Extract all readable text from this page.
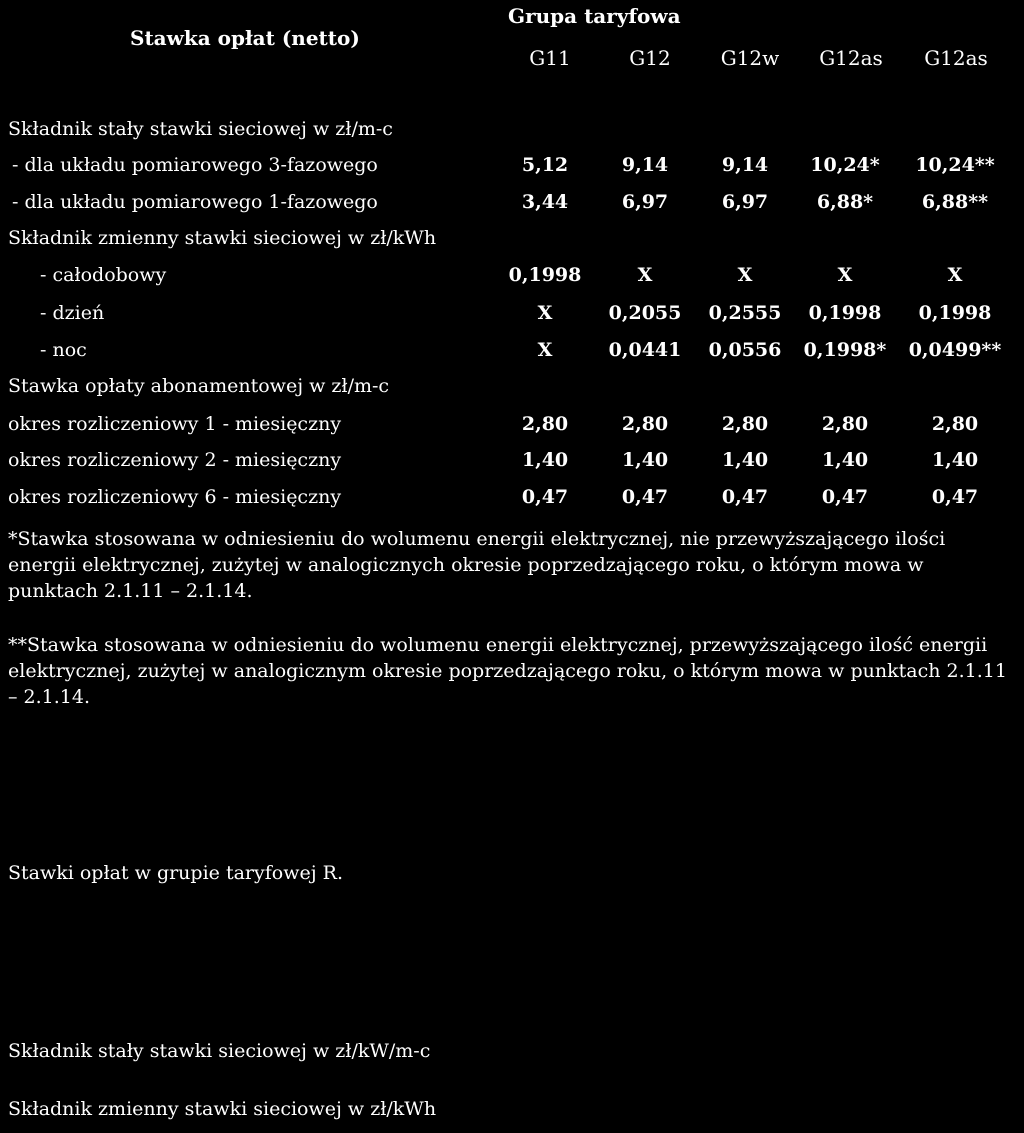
Stawka opłat (netto)
Grupa taryfowa
G11	G12	G12w	G12as	G12as
Składnik stały stawki sieciowej w zł/m-c
- dla układu pomiarowego 3-fazowego	5,12	9,14	9,14	10,24*	10,24**
- dla układu pomiarowego 1-fazowego	3,44	6,97	6,97	6,88*	6,88**
Składnik zmienny stawki sieciowej w zł/kWh
- całodobowy	0,1998	X	X	X	X
- dzień	X	0,2055	0,2555	0,1998	0,1998
- noc	X	0,0441	0,0556	0,1998*	0,0499**
Stawka opłaty abonamentowej w zł/m-c
okres rozliczeniowy 1 - miesięczny	2,80	2,80	2,80	2,80	2,80
okres rozliczeniowy 2 - miesięczny	1,40	1,40	1,40	1,40	1,40
okres rozliczeniowy 6 - miesięczny	0,47	0,47	0,47	0,47	0,47
*Stawka stosowana w odniesieniu do wolumenu energii elektrycznej, nie przewyższającego ilości energii elektrycznej, zużytej w analogicznych okresie poprzedzającego roku, o którym mowa w punktach 2.1.11 – 2.1.14.
**Stawka stosowana w odniesieniu do wolumenu energii elektrycznej, przewyższającego ilość energii elektrycznej, zużytej w analogicznym okresie poprzedzającego roku, o którym mowa w punktach 2.1.11 – 2.1.14.
Stawki opłat w grupie taryfowej R.
Składnik stały stawki sieciowej w zł/kW/m-c
Składnik zmienny stawki sieciowej w zł/kWh
